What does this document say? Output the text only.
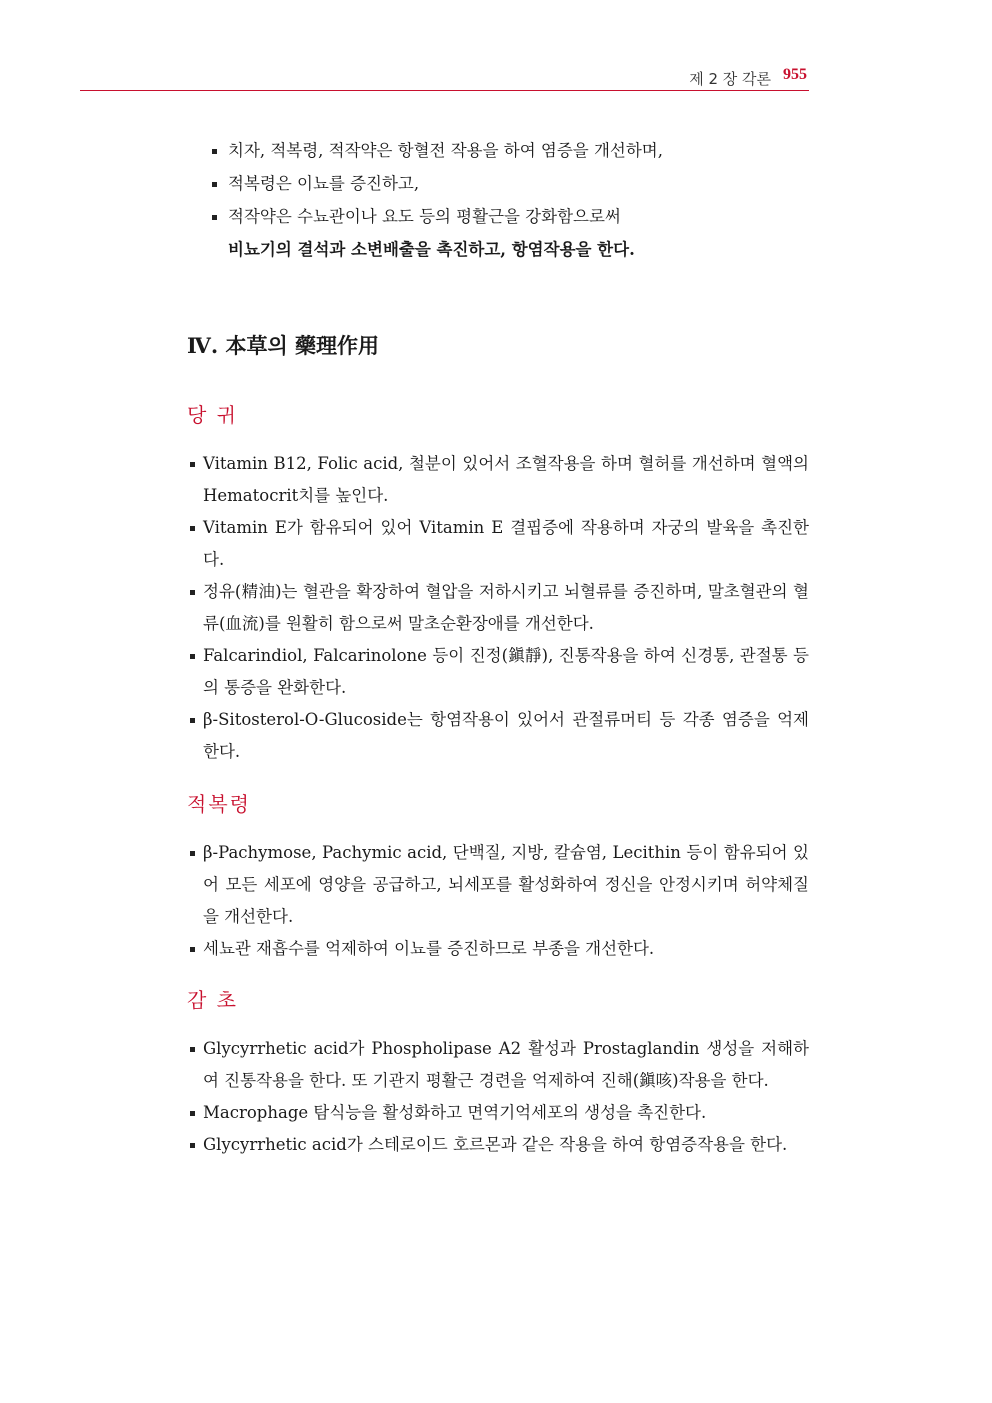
제 2 장 각론 955
치자, 적복령, 적작약은 항혈전 작용을 하여 염증을 개선하며,
적복령은 이뇨를 증진하고,
적작약은 수뇨관이나 요도 등의 평활근을 강화함으로써
비뇨기의 결석과 소변배출을 촉진하고, 항염작용을 한다.
Ⅳ. 本草의 藥理作用
당 귀
Vitamin B12, Folic acid, 철분이 있어서 조혈작용을 하며 혈허를 개선하며 혈액의 Hematocrit치를 높인다.
Vitamin E가 함유되어 있어 Vitamin E 결핍증에 작용하며 자궁의 발육을 촉진한다.
정유(精油)는 혈관을 확장하여 혈압을 저하시키고 뇌혈류를 증진하며, 말초혈관의 혈류(血流)를 원활히 함으로써 말초순환장애를 개선한다.
Falcarindiol, Falcarinolone 등이 진정(鎭靜), 진통작용을 하여 신경통, 관절통 등의 통증을 완화한다.
β-Sitosterol-O-Glucoside는 항염작용이 있어서 관절류머티 등 각종 염증을 억제한다.
적복령
β-Pachymose, Pachymic acid, 단백질, 지방, 칼슘염, Lecithin 등이 함유되어 있어 모든 세포에 영양을 공급하고, 뇌세포를 활성화하여 정신을 안정시키며 허약체질을 개선한다.
세뇨관 재흡수를 억제하여 이뇨를 증진하므로 부종을 개선한다.
감 초
Glycyrrhetic acid가 Phospholipase A2 활성과 Prostaglandin 생성을 저해하여 진통작용을 한다. 또 기관지 평활근 경련을 억제하여 진해(鎭咳)작용을 한다.
Macrophage 탐식능을 활성화하고 면역기억세포의 생성을 촉진한다.
Glycyrrhetic acid가 스테로이드 호르몬과 같은 작용을 하여 항염증작용을 한다.
